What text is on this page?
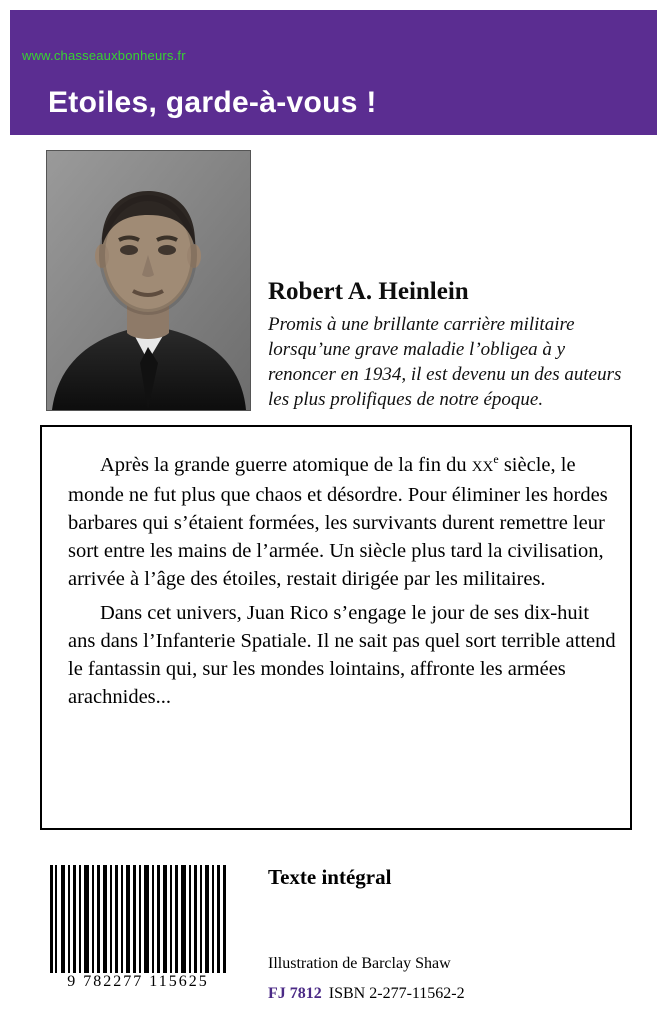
www.chasseauxbonheurs.fr
Etoiles, garde-à-vous !
Robert A. Heinlein
Promis à une brillante carrière militaire lorsqu’une grave maladie l’obligea à y renoncer en 1934, il est devenu un des auteurs les plus prolifiques de notre époque.

Après la grande guerre atomique de la fin du XXe siècle, le monde ne fut plus que chaos et désordre. Pour éliminer les hordes barbares qui s’étaient formées, les survivants durent remettre leur sort entre les mains de l’armée. Un siècle plus tard la civilisation, arrivée à l’âge des étoiles, restait dirigée par les militaires.

Dans cet univers, Juan Rico s’engage le jour de ses dix-huit ans dans l’Infanterie Spatiale. Il ne sait pas quel sort terrible attend le fantassin qui, sur les mondes lointains, affronte les armées arachnides...

Texte intégral
Illustration de Barclay Shaw
FJ 7812 ISBN 2-277-11562-2
9 782277 115625
